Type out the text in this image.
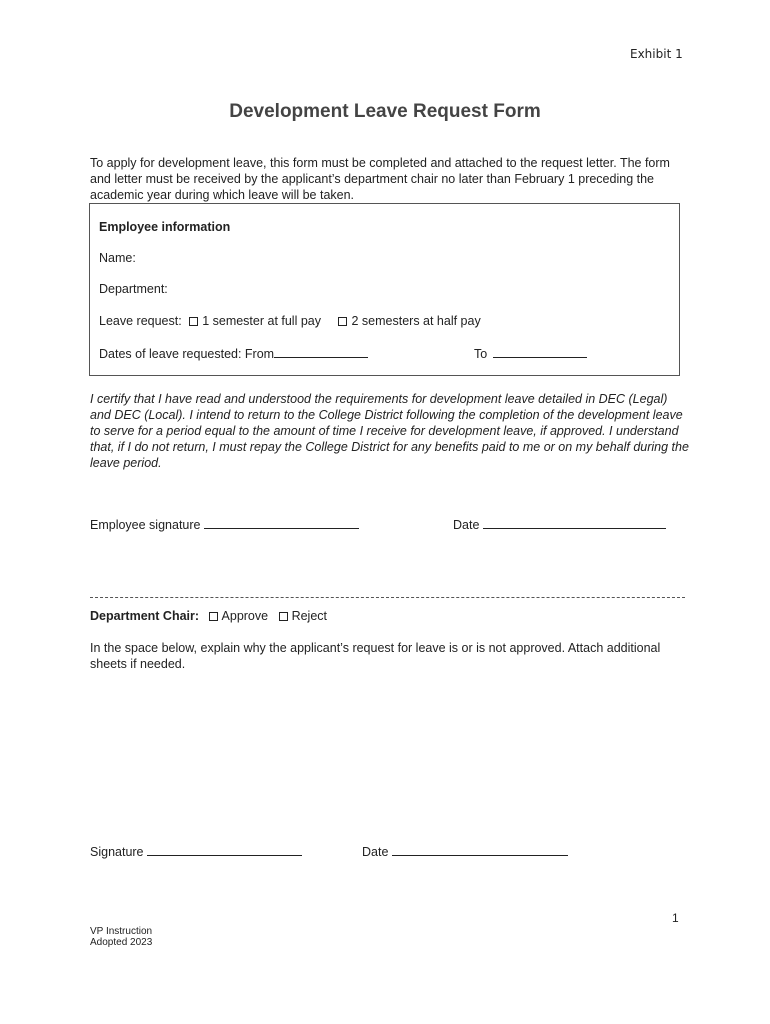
Exhibit 1
Development Leave Request Form
To apply for development leave, this form must be completed and attached to the request letter. The form and letter must be received by the applicant’s department chair no later than February 1 preceding the academic year during which leave will be taken.
Employee information
Name:
Department:
Leave request: 1 semester at full pay 2 semesters at half pay
Dates of leave requested: From	To
I certify that I have read and understood the requirements for development leave detailed in DEC (Legal) and DEC (Local). I intend to return to the College District following the completion of the development leave to serve for a period equal to the amount of time I receive for development leave, if approved. I understand that, if I do not return, I must repay the College District for any benefits paid to me or on my behalf during the leave period.
Employee signature	Date
Department Chair: Approve Reject
In the space below, explain why the applicant’s request for leave is or is not approved. Attach additional sheets if needed.
Signature	Date
1
VP Instruction
Adopted 2023
